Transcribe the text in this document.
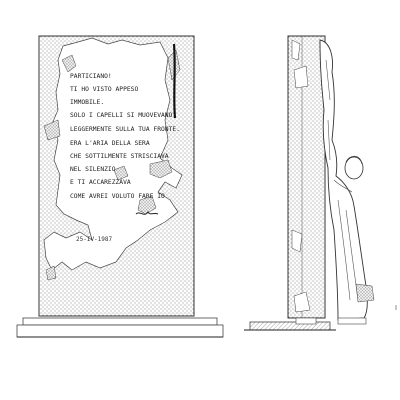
PARTICIANO!
TI HO VISTO APPESO
IMMOBILE.
SOLO I CAPELLI SI MUOVEVANO
LEGGERMENTE SULLA TUA FRONTE.
ERA L'ARIA DELLA SERA
CHE SOTTILMENTE STRISCIAVA
NEL SILENZIO
E TI ACCAREZZAVA
COME AVREI VOLUTO FARE IO
25-IV-1987
